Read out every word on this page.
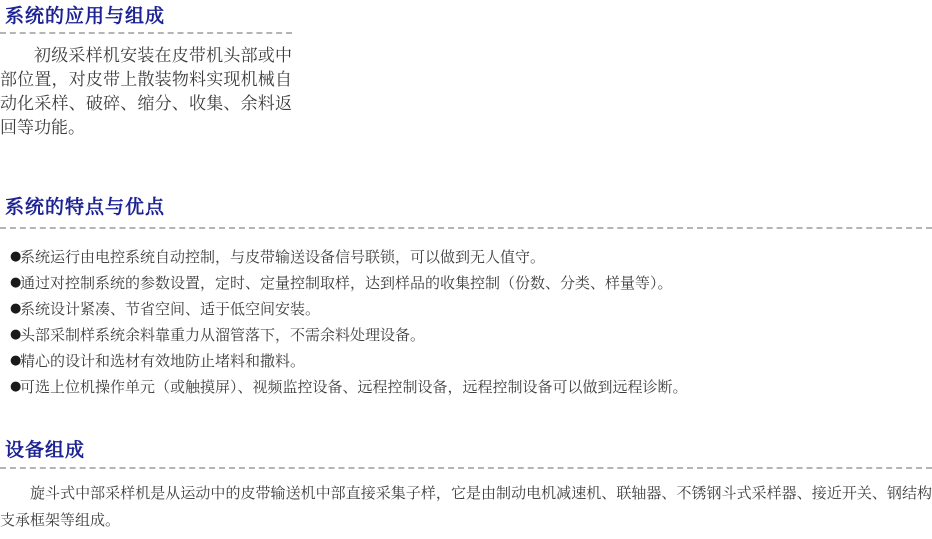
系统的应用与组成

初级采样机安装在皮带机头部或中部位置，对皮带上散装物料实现机械自动化采样、破碎、缩分、收集、余料返回等功能。

系统的特点与优点
●
系统运行由电控系统自动控制，与皮带输送设备信号联锁，可以做到无人值守。
●
通过对控制系统的参数设置，定时、定量控制取样，达到样品的收集控制（份数、分类、样量等）。
●
系统设计紧凑、节省空间、适于低空间安装。
●
头部采制样系统余料靠重力从溜管落下，不需余料处理设备。
●
精心的设计和选材有效地防止堵料和撒料。
●
可选上位机操作单元（或触摸屏）、视频监控设备、远程控制设备，远程控制设备可以做到远程诊断。
设备组成

旋斗式中部采样机是从运动中的皮带输送机中部直接采集子样，它是由制动电机减速机、联轴器、不锈钢斗式采样器、接近开关、钢结构支承框架等组成。
